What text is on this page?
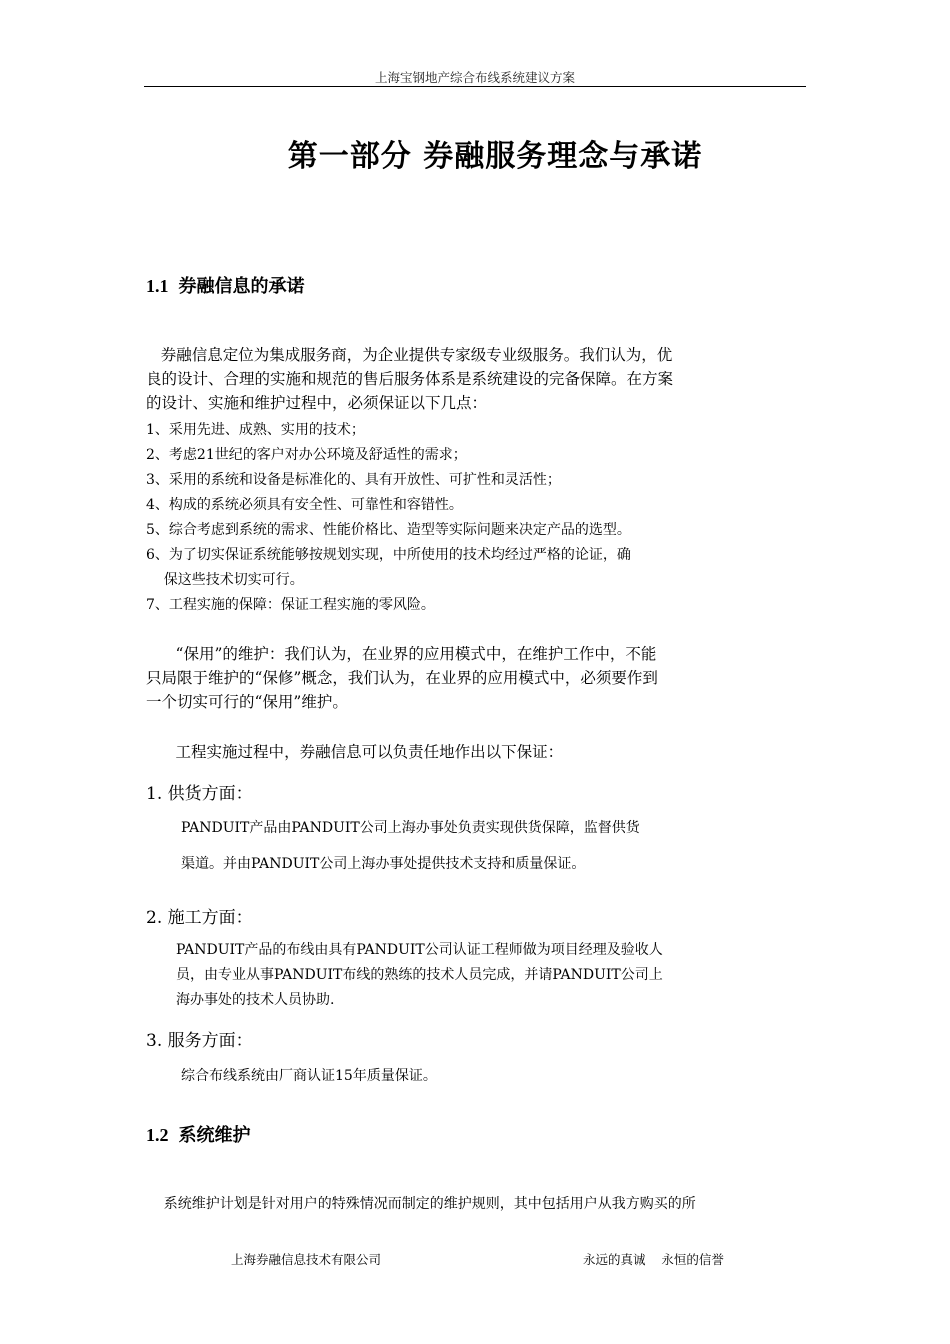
上海宝钢地产综合布线系统建议方案
第一部分 券融服务理念与承诺
1.1 券融信息的承诺
券融信息定位为集成服务商，为企业提供专家级专业级服务。我们认为，优
良的设计、合理的实施和规范的售后服务体系是系统建设的完备保障。在方案
的设计、实施和维护过程中，必须保证以下几点：
1、采用先进、成熟、实用的技术；
2、考虑21世纪的客户对办公环境及舒适性的需求；
3、采用的系统和设备是标准化的、具有开放性、可扩性和灵活性；
4、构成的系统必须具有安全性、可靠性和容错性。
5、综合考虑到系统的需求、性能价格比、造型等实际问题来决定产品的选型。
6、为了切实保证系统能够按规划实现，中所使用的技术均经过严格的论证，确
保这些技术切实可行。
7、工程实施的保障：保证工程实施的零风险。
“保用”的维护：我们认为，在业界的应用模式中，在维护工作中，不能
只局限于维护的“保修”概念，我们认为，在业界的应用模式中，必须要作到
一个切实可行的“保用”维护。
工程实施过程中，券融信息可以负责任地作出以下保证：
1. 供货方面：
PANDUIT产品由PANDUIT公司上海办事处负责实现供货保障，监督供货
渠道。并由PANDUIT公司上海办事处提供技术支持和质量保证。
2. 施工方面：
PANDUIT产品的布线由具有PANDUIT公司认证工程师做为项目经理及验收人
员，由专业从事PANDUIT布线的熟练的技术人员完成，并请PANDUIT公司上
海办事处的技术人员协助.
3. 服务方面：
综合布线系统由厂商认证15年质量保证。
1.2 系统维护
系统维护计划是针对用户的特殊情况而制定的维护规则，其中包括用户从我方购买的所
上海券融信息技术有限公司	永远的真诚    永恒的信誉
